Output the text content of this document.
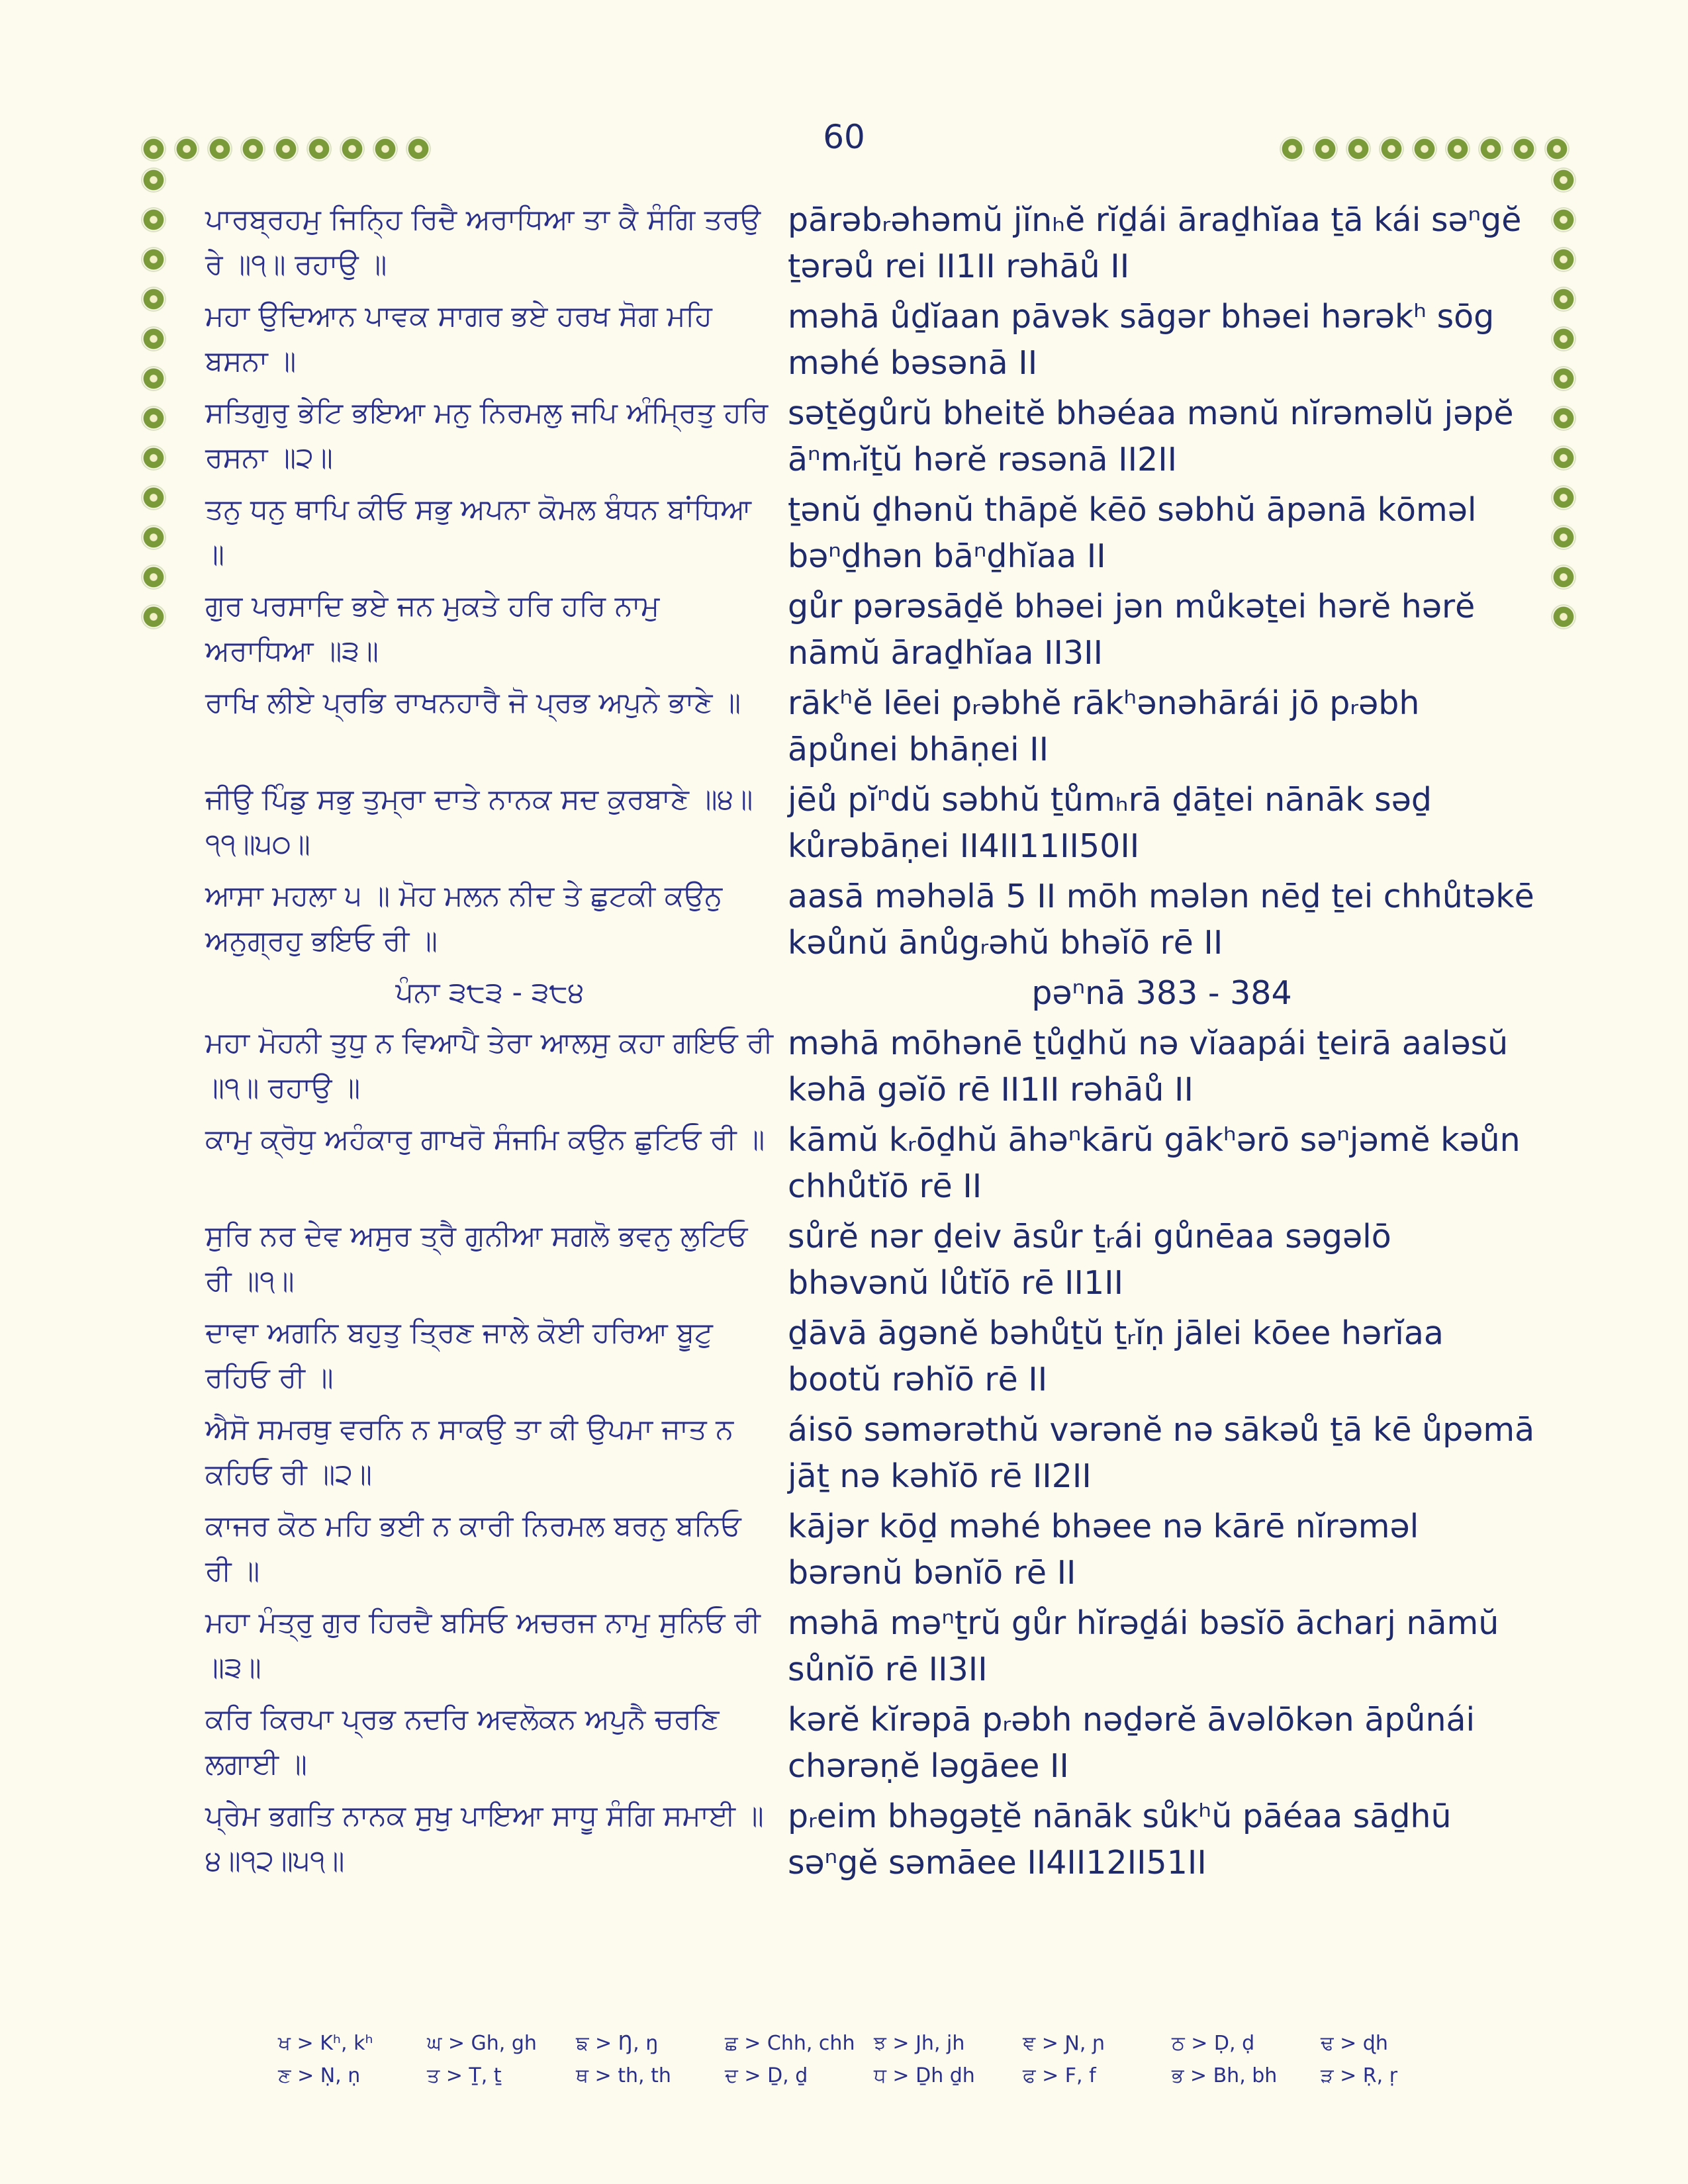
60
ਪਾਰਬ੍ਰਹਮੁ ਜਿਨ੍ਹਿ ਰਿਦੈ ਅਰਾਧਿਆ ਤਾ ਕੈ ਸੰਗਿ ਤਰਉ ਰੇ ॥੧॥ ਰਹਾਉ ॥
pārəbᵣəhəmŭ jĭnₕĕ rĭḏái āraḏhĭaa ṯā kái səⁿgĕ ṯərəů rei II1II rəhāů II
ਮਹਾ ਉਦਿਆਨ ਪਾਵਕ ਸਾਗਰ ਭਏ ਹਰਖ ਸੋਗ ਮਹਿ ਬਸਨਾ ॥
məhā ůḏĭaan pāvək sāgər bhəei hərəkʰ sōg məhé bəsənā II
ਸਤਿਗੁਰੁ ਭੇਟਿ ਭਇਆ ਮਨੁ ਨਿਰਮਲੁ ਜਪਿ ਅੰਮ੍ਰਿਤੁ ਹਰਿ ਰਸਨਾ ॥੨॥
səṯĕgůrŭ bheitĕ bhəéaa mənŭ nĭrəməlŭ jəpĕ āⁿmᵣĭṯŭ hərĕ rəsənā II2II
ਤਨੁ ਧਨੁ ਥਾਪਿ ਕੀਓ ਸਭੁ ਅਪਨਾ ਕੋਮਲ ਬੰਧਨ ਬਾਂਧਿਆ ॥
ṯənŭ ḏhənŭ thāpĕ kēō səbhŭ āpənā kōməl bəⁿḏhən bāⁿḏhĭaa II
ਗੁਰ ਪਰਸਾਦਿ ਭਏ ਜਨ ਮੁਕਤੇ ਹਰਿ ਹਰਿ ਨਾਮੁ ਅਰਾਧਿਆ ॥੩॥
gůr pərəsāḏĕ bhəei jən můkəṯei hərĕ hərĕ nāmŭ āraḏhĭaa II3II
ਰਾਖਿ ਲੀਏ ਪ੍ਰਭਿ ਰਾਖਨਹਾਰੈ ਜੋ ਪ੍ਰਭ ਅਪੁਨੇ ਭਾਣੇ ॥	rākʰĕ lēei pᵣəbhĕ rākʰənəhārái jō pᵣəbh āpůnei bhāṇei II
ਜੀਉ ਪਿੰਡੁ ਸਭੁ ਤੁਮ੍ਰਾ ਦਾਤੇ ਨਾਨਕ ਸਦ ਕੁਰਬਾਣੇ ॥੪॥੧੧॥੫੦॥
jēů pĭⁿdŭ səbhŭ ṯůmₕrā ḏāṯei nānāk səḏ kůrəbāṇei II4II11II50II
ਆਸਾ ਮਹਲਾ ੫ ॥ ਮੋਹ ਮਲਨ ਨੀਦ ਤੇ ਛੁਟਕੀ ਕਉਨੁ ਅਨੁਗ੍ਰਹੁ ਭਇਓ ਰੀ ॥
aasā məhəlā 5 II mōh mələn nēḏ ṯei chhůtəkē kəůnŭ ānůgᵣəhŭ bhəĭō rē II
ਪੰਨਾ ੩੮੩ - ੩੮੪	pəⁿnā 383 - 384
ਮਹਾ ਮੋਹਨੀ ਤੁਧੁ ਨ ਵਿਆਪੈ ਤੇਰਾ ਆਲਸੁ ਕਹਾ ਗਇਓ ਰੀ ॥੧॥ ਰਹਾਉ ॥
məhā mōhənē ṯůḏhŭ nə vĭaapái ṯeirā aaləsŭ kəhā gəĭō rē II1II rəhāů II
ਕਾਮੁ ਕ੍ਰੋਧੁ ਅਹੰਕਾਰੁ ਗਾਖਰੋ ਸੰਜਮਿ ਕਉਨ ਛੁਟਿਓ ਰੀ ॥ kāmŭ kᵣōḏhŭ āhəⁿkārŭ gākʰərō səⁿjəmĕ kəůn chhůtĭō rē II
ਸੁਰਿ ਨਰ ਦੇਵ ਅਸੁਰ ਤ੍ਰੈ ਗੁਨੀਆ ਸਗਲੋ ਭਵਨੁ ਲੁਟਿਓ ਰੀ ॥੧॥
sůrĕ nər ḏeiv āsůr ṯᵣái gůnēaa səgəlō bhəvənŭ lůtĭō rē II1II
ਦਾਵਾ ਅਗਨਿ ਬਹੁਤੁ ਤ੍ਰਿਣ ਜਾਲੇ ਕੋਈ ਹਰਿਆ ਬੂਟੁ ਰਹਿਓ ਰੀ ॥
ḏāvā āgənĕ bəhůṯŭ ṯᵣĭṇ jālei kōee hərĭaa bootŭ rəhĭō rē II
ਐਸੋ ਸਮਰਥੁ ਵਰਨਿ ਨ ਸਾਕਉ ਤਾ ਕੀ ਉਪਮਾ ਜਾਤ ਨ ਕਹਿਓ ਰੀ ॥੨॥
áisō səmərəthŭ vərənĕ nə sākəů ṯā kē ůpəmā jāṯ nə kəhĭō rē II2II
ਕਾਜਰ ਕੋਠ ਮਹਿ ਭਈ ਨ ਕਾਰੀ ਨਿਰਮਲ ਬਰਨੁ ਬਨਿਓ ਰੀ ॥
kājər kōḏ məhé bhəee nə kārē nĭrəməl bərənŭ bənĭō rē II
ਮਹਾ ਮੰਤ੍ਰੁ ਗੁਰ ਹਿਰਦੈ ਬਸਿਓ ਅਚਰਜ ਨਾਮੁ ਸੁਨਿਓ ਰੀ ॥੩॥
məhā məⁿṯrŭ gůr hĭrəḏái bəsĭō ācharj nāmŭ sůnĭō rē II3II
ਕਰਿ ਕਿਰਪਾ ਪ੍ਰਭ ਨਦਰਿ ਅਵਲੋਕਨ ਅਪੁਨੈ ਚਰਣਿ ਲਗਾਈ ॥
kərĕ kĭrəpā pᵣəbh nəḏərĕ āvəlōkən āpůnái chərəṇĕ ləgāee II
ਪ੍ਰੇਮ ਭਗਤਿ ਨਾਨਕ ਸੁਖੁ ਪਾਇਆ ਸਾਧੂ ਸੰਗਿ ਸਮਾਈ ॥੪॥੧੨॥੫੧॥
pᵣeim bhəgəṯĕ nānāk sůkʰŭ pāéaa sāḏhū səⁿgĕ səmāee II4II12II51II
ਖ > Kʰ, kʰ	ਘ > Gh, gh	ਙ > Ŋ, ŋ	ਛ > Chh, chh ਝ > Jh, jh	ਞ > Ɲ, ɲ	ਠ > Ḍ, ḍ	ਢ > ɖh
ਣ > Ṇ, ṇ	ਤ > Ṯ, ṯ	ਥ > th, th	ਦ > Ḏ, ḏ	ਧ > Ḏh ḏh	ਫ > F, f	ਭ > Bh, bh	ੜ > Ṛ, ṛ
